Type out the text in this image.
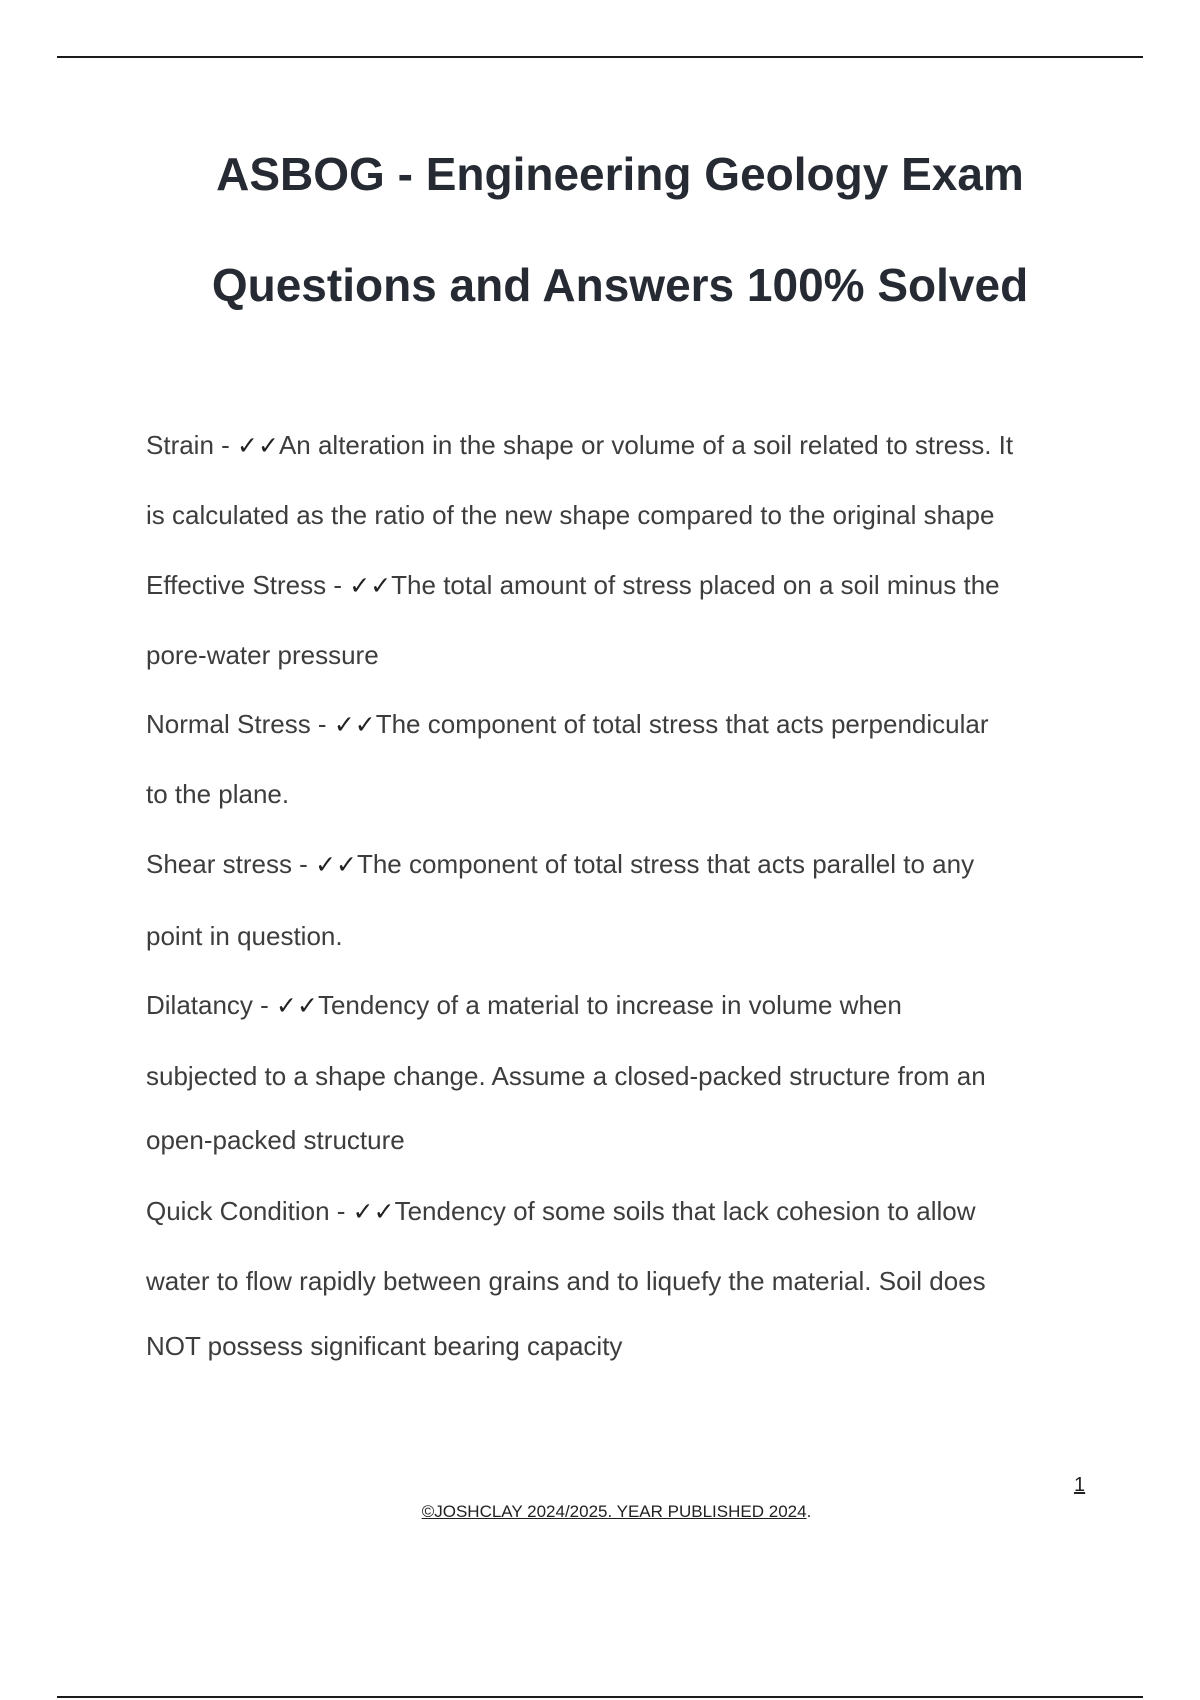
ASBOG - Engineering Geology Exam
Questions and Answers 100% Solved
Strain - ✓✓An alteration in the shape or volume of a soil related to stress. It
is calculated as the ratio of the new shape compared to the original shape
Effective Stress - ✓✓The total amount of stress placed on a soil minus the
pore-water pressure
Normal Stress - ✓✓The component of total stress that acts perpendicular
to the plane.
Shear stress - ✓✓The component of total stress that acts parallel to any
point in question.
Dilatancy - ✓✓Tendency of a material to increase in volume when
subjected to a shape change. Assume a closed-packed structure from an
open-packed structure
Quick Condition - ✓✓Tendency of some soils that lack cohesion to allow
water to flow rapidly between grains and to liquefy the material. Soil does
NOT possess significant bearing capacity
1
©JOSHCLAY 2024/2025. YEAR PUBLISHED 2024.
